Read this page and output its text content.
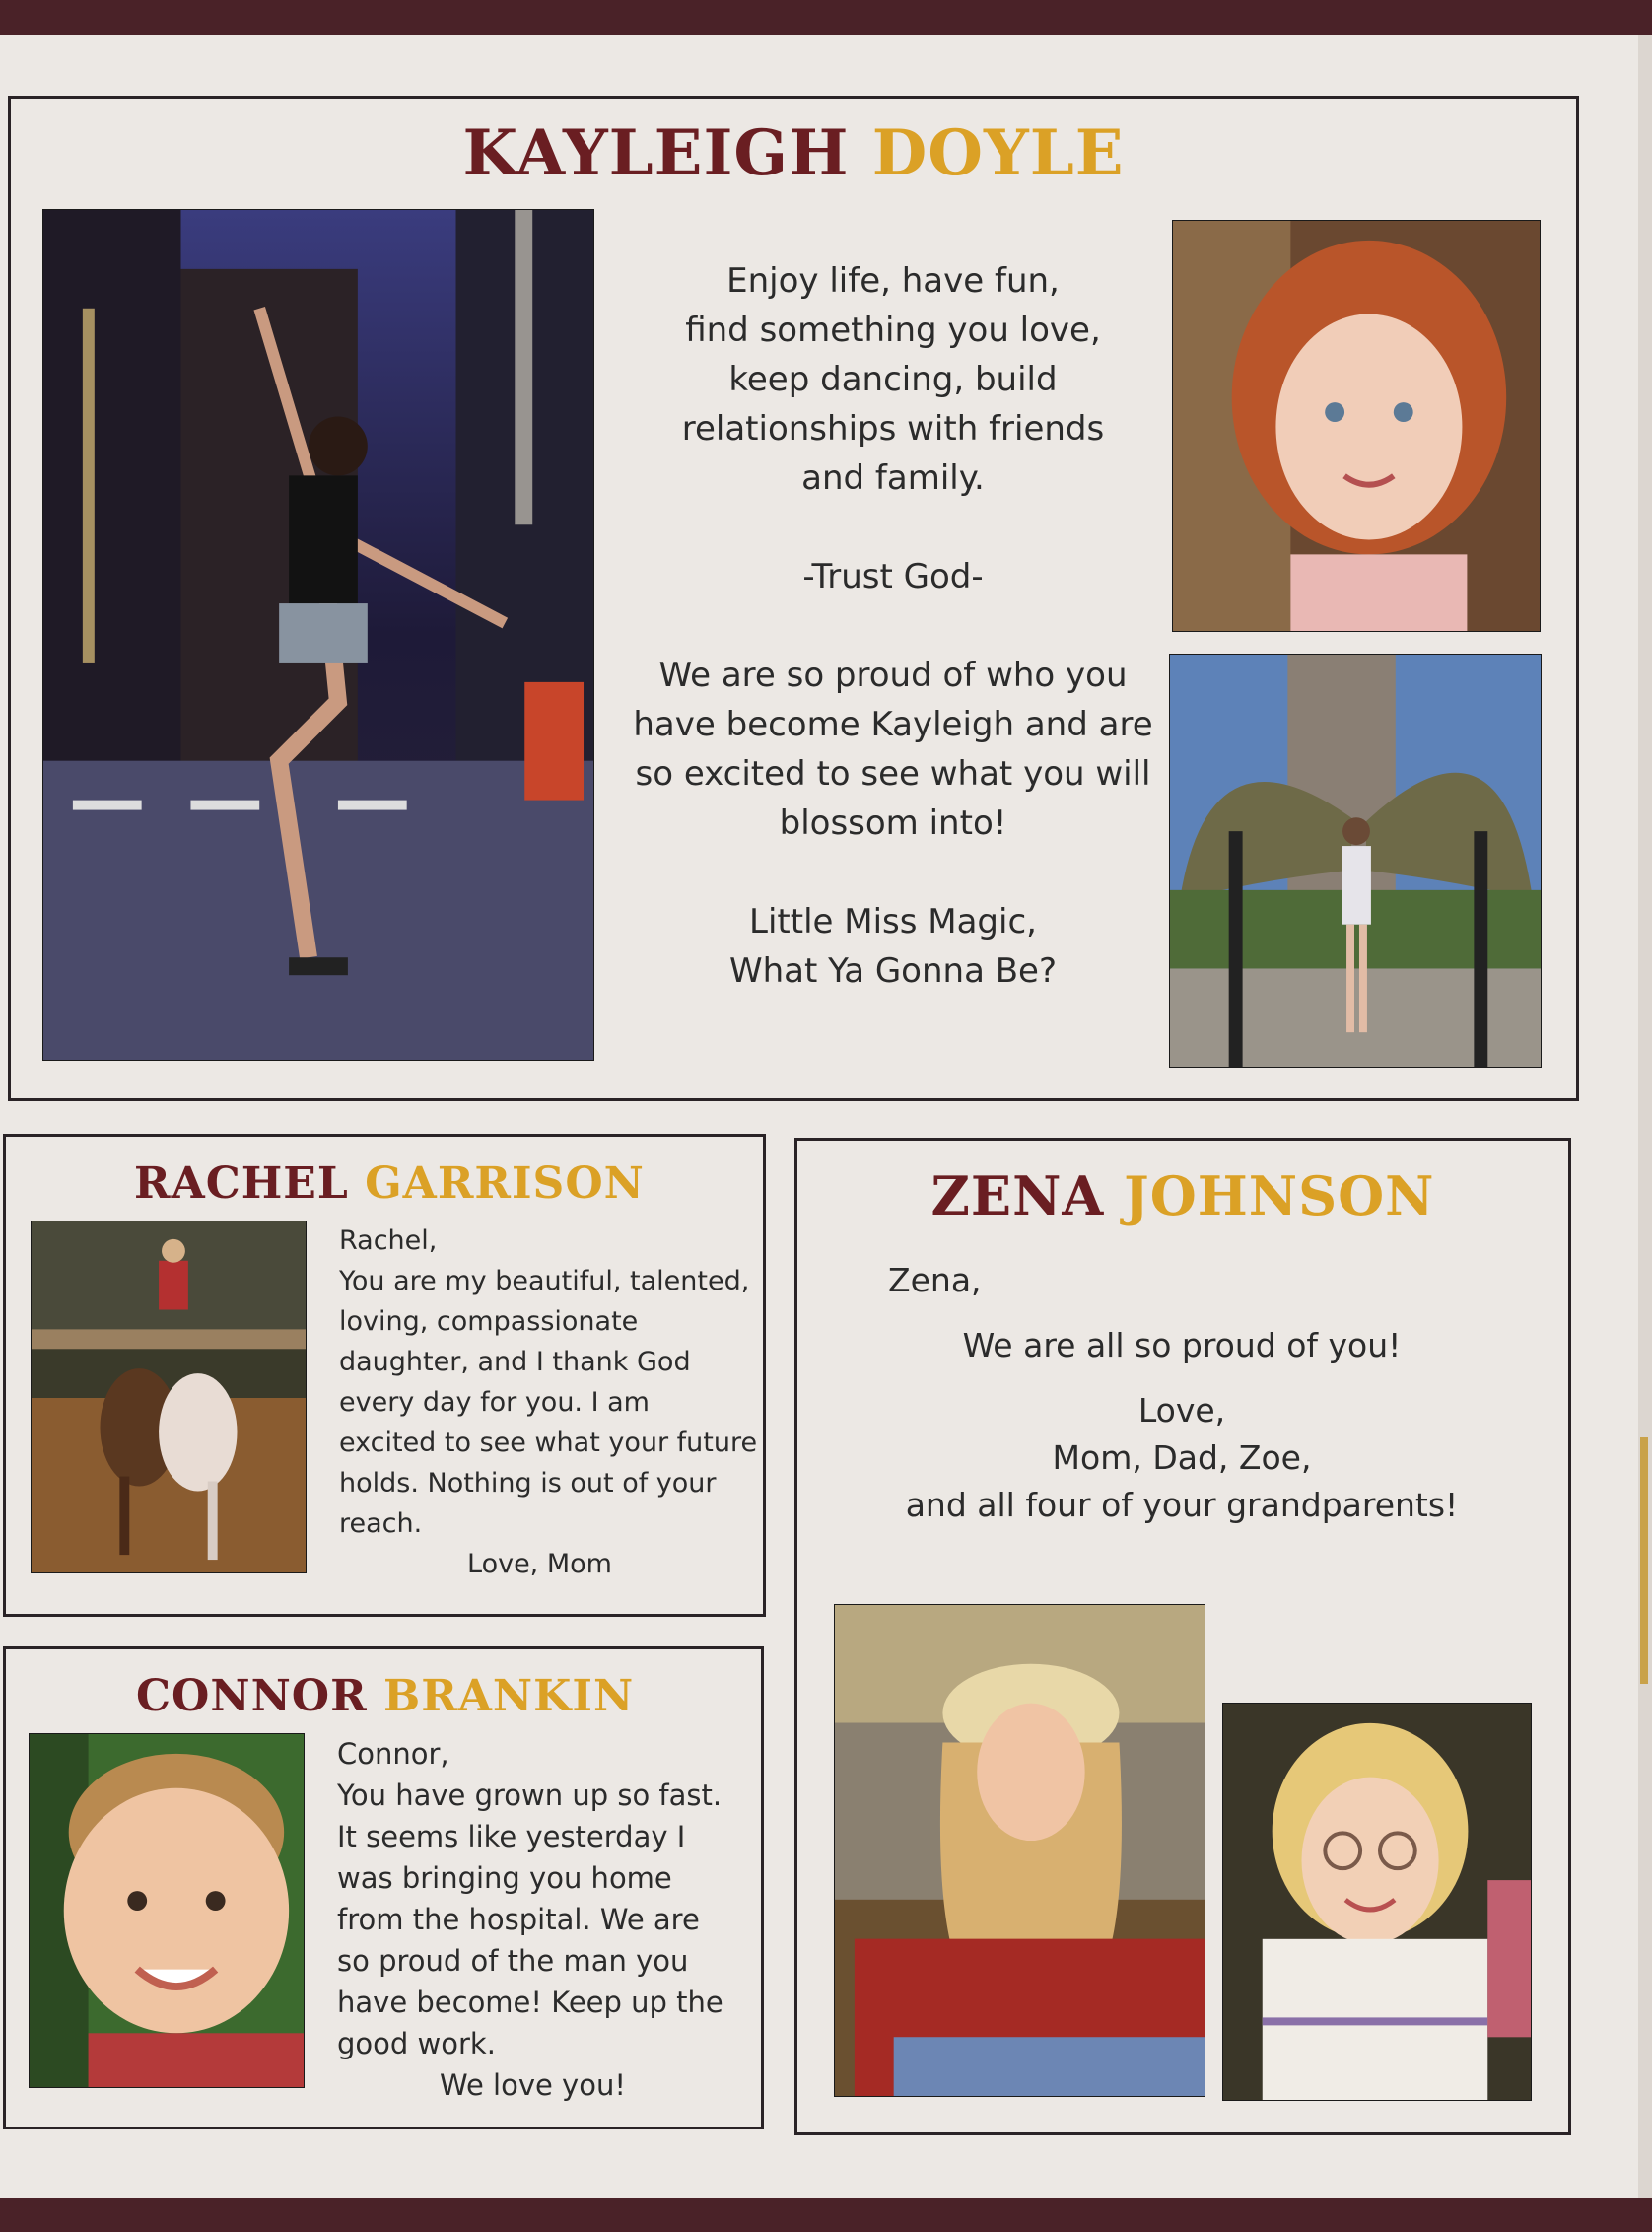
KAYLEIGH DOYLE
Enjoy life, have fun,
find something you love,
keep dancing, build
relationships with friends
and family.
-Trust God-
We are so proud of who you
have become Kayleigh and are
so excited to see what you will
blossom into!
Little Miss Magic,
What Ya Gonna Be?
RACHEL GARRISON
Rachel,
You are my beautiful, talented,
loving, compassionate
daughter, and I thank God
every day for you. I am
excited to see what your future
holds. Nothing is out of your
reach.
Love, Mom
CONNOR BRANKIN
Connor,
You have grown up so fast.
It seems like yesterday I
was bringing you home
from the hospital. We are
so proud of the man you
have become! Keep up the
good work.
We love you!
ZENA JOHNSON
Zena,
We are all so proud of you!
Love,
Mom, Dad, Zoe,
and all four of your grandparents!
